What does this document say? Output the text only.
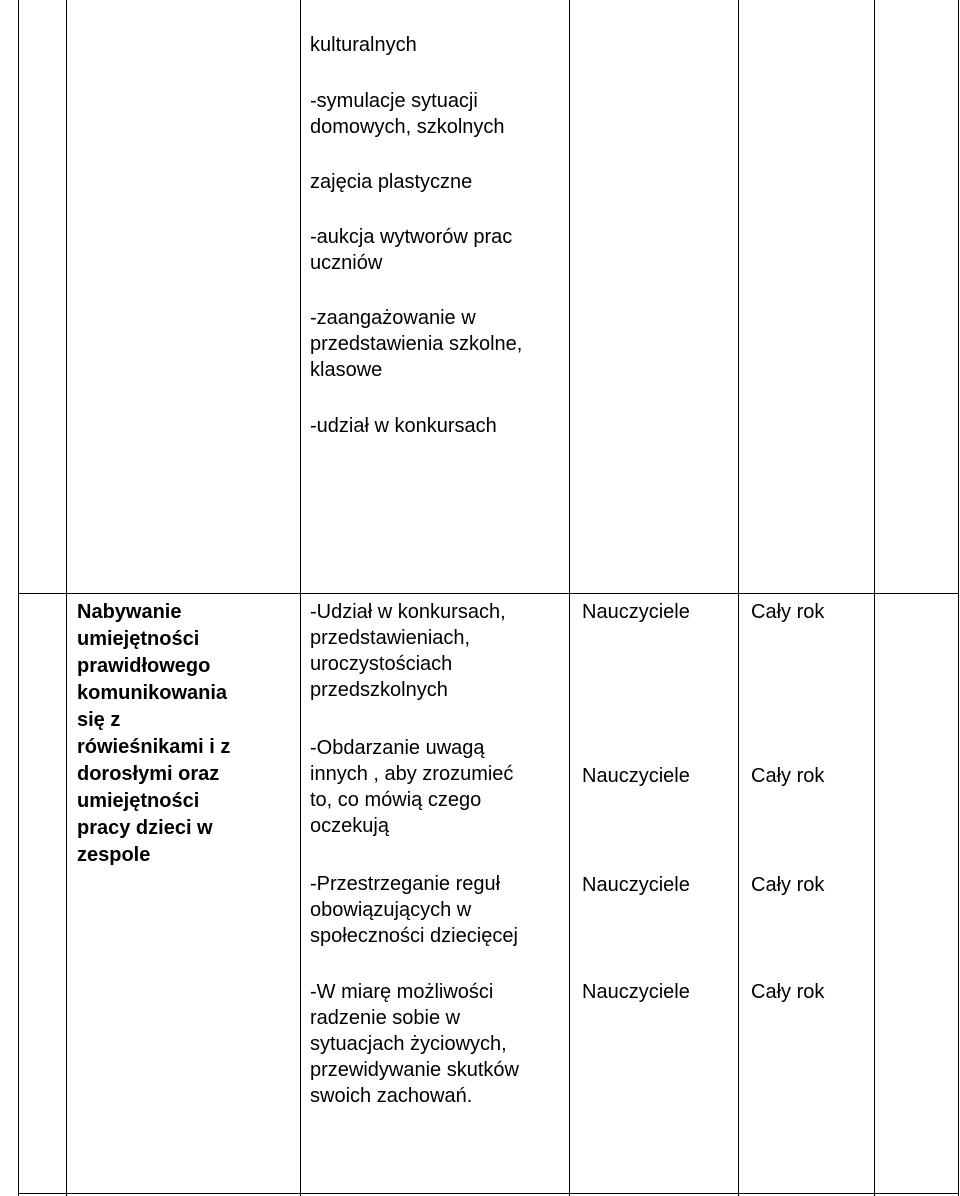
kulturalnych

-symulacje sytuacji
domowych, szkolnych

zajęcia plastyczne

-aukcja wytworów prac
uczniów

-zaangażowanie w
przedstawienia szkolne,
klasowe

-udział w konkursach

Nabywanie
umiejętności
prawidłowego
komunikowania
się z
rówieśnikami i z
dorosłymi oraz
umiejętności
pracy dzieci w
zespole

-Udział w konkursach,
przedstawieniach,
uroczystościach
przedszkolnych

-Obdarzanie uwagą
innych , aby zrozumieć
to, co mówią czego
oczekują

-Przestrzeganie reguł
obowiązujących w
społeczności dziecięcej

-W miarę możliwości
radzenie sobie w
sytuacjach życiowych,
przewidywanie skutków
swoich zachowań.

Nauczyciele

Nauczyciele

Nauczyciele

Nauczyciele

Cały rok

Cały rok

Cały rok

Cały rok
